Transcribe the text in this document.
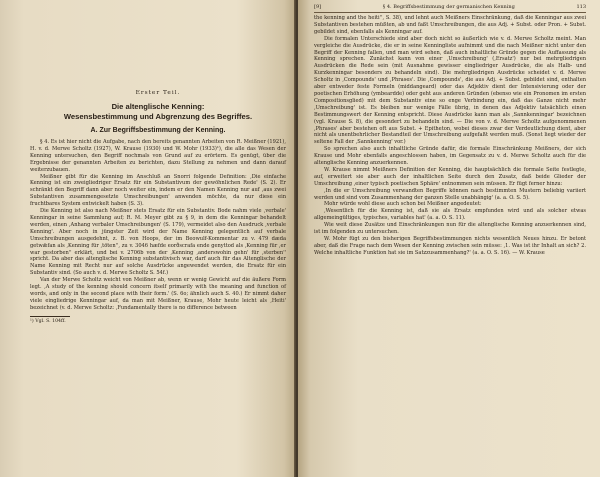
Erster Teil.

Die altenglische Kenning:

Wesensbestimmung und Abgrenzung des Begriffes.

A. Zur Begriffsbestimmung der Kenning.

§ 4. Es ist hier nicht die Aufgabe, nach den bereits genannten Arbeiten von R. Meißner (1921), H. v. d. Merwe Scholtz (1927), W. Krause (1930) und W. Mohr (1933)¹), die alle das Wesen der Kenning untersuchen, den Begriff nochmals von Grund auf zu erörtern. Es genügt, über die Ergebnisse der genannten Arbeiten zu berichten, dazu Stellung zu nehmen und dann darauf weiterzubauen.

Meißner gibt für die Kenning im Anschluß an Snorri folgende Definition: ‚Die einfache Kenning ist ein zweigliedriger Ersatz für ein Substantivum der gewöhnlichen Rede' (S. 2). Er schränkt den Begriff dann aber noch weiter ein, indem er den Namen Kenning nur auf ‚aus zwei Substantiven zusammengesetzte Umschreibungen' anwenden möchte, da nur diese ein fruchtbares System entwickelt haben (S. 3).

Die Kenning ist also nach Meißner stets Ersatz für ein Substantiv. Bode nahm viele ‚verbale' Kenningar in seine Sammlung auf; R. M. Meyer gibt zu § 9, in dem die Kenningar behandelt werden, einen ‚Anhang verbaler Umschreibungen' (S. 179), vermeidet also den Ausdruck ‚verbale Kenning'. Aber noch in jüngster Zeit wird der Name Kenning gelegentlich auf verbale Umschreibungen ausgedehnt, z. B. von Hoops, der im Beowulf-Kommentar zu v. 479 dæda getwǣfan als ‚Kenning für ‚töten'', zu v. 3046 hæfde eorðscrafa ende genyttod als ‚Kenning für ‚er war gestorben'' erklärt, und bei v. 2706b von der ‚Kenning ‚anderswohin gehn' für ‚sterben'' spricht. Da aber das altenglische Kenning substantivisch war, darf auch für das Altenglische der Name Kenning mit Recht nur auf solche Ausdrücke angewendet werden, die Ersatz für ein Substantiv sind. (So auch v. d. Merwe Scholtz S. 54f.)

Van der Merwe Scholtz weicht von Meißner ab, wenn er wenig Gewicht auf die äußere Form legt. ‚A study of the kenning should concern itself primarily with the meaning and function of words, and only in the second place with their form.' (S. 6o; ähnlich auch S. 40.) Er nimmt daher viele eingliedrige Kenningar auf, da man mit Meißner, Krause, Mohr heute leicht als ‚Heiti' bezeichnet (v. d. Merwe Scholtz: ‚Fundamentally there is no difference between

¹) Vgl. S. 104ff.

[9]	§ 4. Begriffsbestimmung der germanischen Kenning	113

the kenning and the heiti'', S. 38), und lehnt auch Meißners Einschränkung, daß die Kenningar aus zwei Substantiven bestehen müßten, ab und faßt Umschreibungen, die aus Adj. + Subst. oder Pron. + Subst. gebildet sind, ebenfalls als Kenningar auf.

Die formalen Unterschiede sind aber doch nicht so äußerlich wie v. d. Merwe Scholtz meint. Man vergleiche die Ausdrücke, die er in seine Kenningliste aufnimmt und die nach Meißner nicht unter den Begriff der Kenning fallen, und man wird sehen, daß auch inhaltliche Gründe gegen die Auffassung als Kenning sprechen. Zunächst kann von einer ‚Umschreibung' (‚Ersatz') nur bei mehrgliedrigen Ausdrücken die Rede sein (mit Ausnahme gewisser eingliedriger Ausdrücke, die als Halb- und Kurzkenningar besonders zu behandeln sind). Die mehrgliedrigen Ausdrücke scheidet v. d. Merwe Scholtz in ‚Compounds' und ‚Phrases'. Die ‚Compounds', die aus Adj. + Subst. gebildet sind, enthalten aber entweder feste Formeln (middangeard) oder das Adjektiv dient der Intensivierung oder der poetischen Erhöhung (ymbeardde) oder geht aus anderen Gründen (ebenso wie ein Pronomen im ersten Compositionsglied) mit dem Substantiv eine so enge Verbindung ein, daß das Ganze nicht mehr ‚Umschreibung' ist. Es bleiben nur wenige Fälle übrig, in denen das Adjektiv tatsächlich einen Bestimmungswert der Kenning entspricht. Diese Ausdrücke kann man als ‚Sannkenningar' bezeichnen (vgl. Krause S. 8), die gesondert zu behandeln sind. — Die von v. d. Merwe Scholtz aufgenommenen ‚Phrases' aber bestehen oft aus Subst. + Epitheton, wobei dieses zwar der Verdeutlichung dient, aber nicht als unentbehrlicher Bestandteil der Umschreibung aufgefaßt werden muß. (Sonst liegt wieder der seltene Fall der ‚Sannkenning' vor.)

So sprechen also auch inhaltliche Gründe dafür, die formale Einschränkung Meißners, der sich Krause und Mohr ebenfalls angeschlossen haben, im Gegensatz zu v. d. Merwe Scholtz auch für die altenglische Kenning anzuerkennen.

W. Krause nimmt Meißners Definition der Kenning, die hauptsächlich die formale Seite festlegte, auf, erweitert sie aber auch der inhaltlichen Seite durch den Zusatz, daß beide Glieder der Umschreibung ‚einer typisch poetischen Sphäre' entnommen sein müssen. Er fügt ferner hinzu:

‚In die er Umschreibung verwandten Begriffe können nach bestimmten Mustern beliebig variiert werden und sind vom Zusammenhang der ganzen Stelle unabhängig' (a. a. O. S. 5).

Mohr würde wohl diese auch schon bei Meißner angedeutet:

‚Wesentlich für die Kenning ist, daß sie als Ersatz empfunden wird und als solcher etwas allgemeingültiges, typisches, variables hat' (a. a. O. S. 11).

Wie weit diese Zusätze und Einschränkungen nun für die altenglische Kenning anzuerkennen sind, ist im folgenden zu untersuchen.

W. Mohr fügt zu den bisherigen Begriffsbestimmungen nichts wesentlich Neues hinzu. Er betont aber, daß die Frage nach dem Wesen der Kenning zwischen sein müsse: ‚1. Was ist ihr Inhalt an sich? 2. Welche inhaltliche Funktion hat sie im Satzzusammenhang?' (a. a. O. S. 16). — W. Krause
